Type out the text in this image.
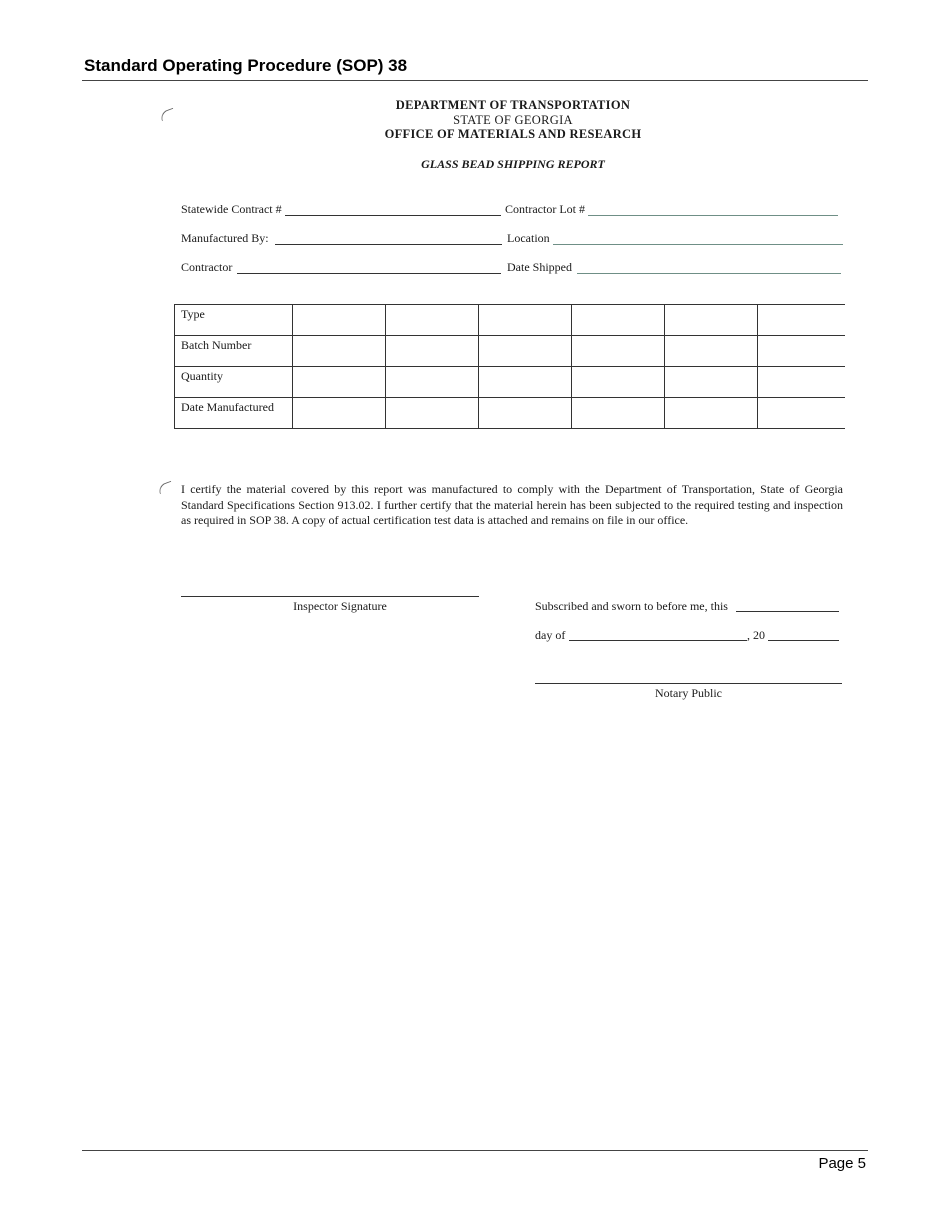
Standard Operating Procedure (SOP) 38
DEPARTMENT OF TRANSPORTATION
STATE OF GEORGIA
OFFICE OF MATERIALS AND RESEARCH
GLASS BEAD SHIPPING REPORT
Statewide Contract #	Contractor Lot #
Manufactured By:	Location
Contractor	Date Shipped
Type						
Batch Number						
Quantity						
Date Manufactured						
I certify the material covered by this report was manufactured to comply with the Department of Transportation, State of Georgia Standard Specifications Section 913.02. I further certify that the material herein has been subjected to the required testing and inspection as required in SOP 38. A copy of actual certification test data is attached and remains on file in our office.
Inspector Signature	Subscribed and sworn to before me, this
day of	, 20
Notary Public
Page 5
